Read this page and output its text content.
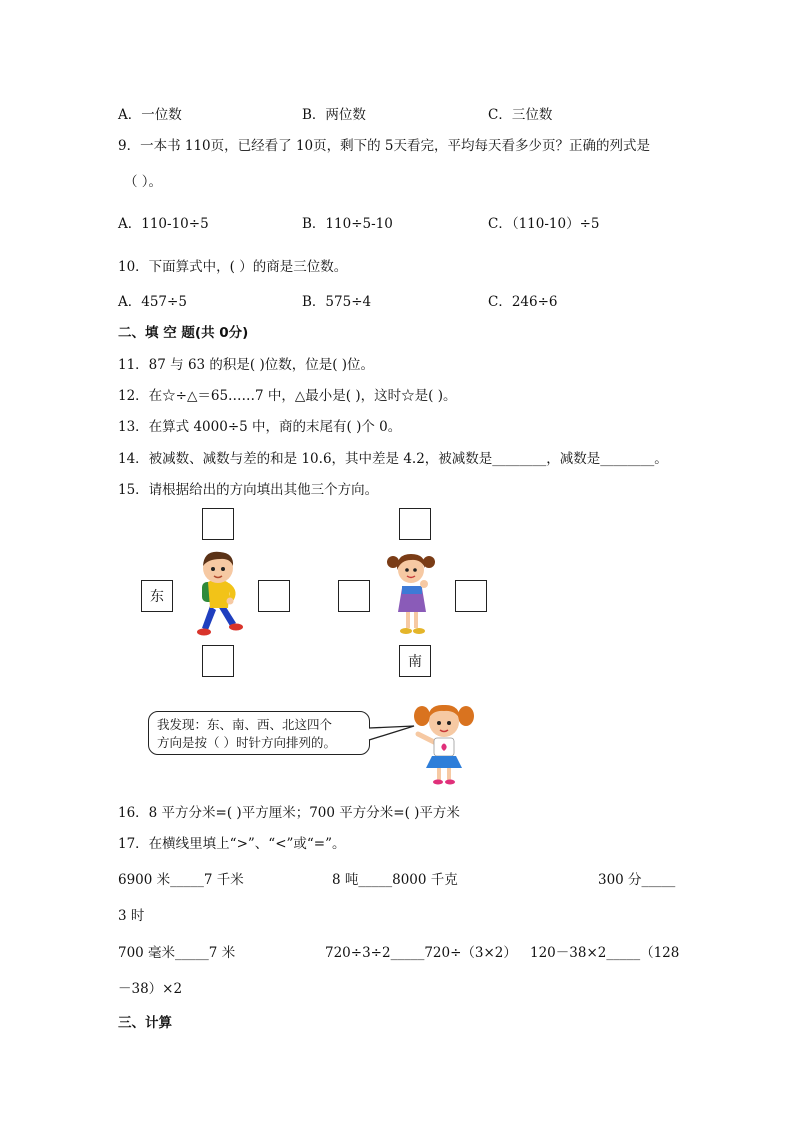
A．一位数	B．两位数	C．三位数
9．一本书 110页，已经看了 10页，剩下的 5天看完，平均每天看多少页？正确的列式是
（ ）。
A．110-10÷5	B．110÷5-10	C．（110-10）÷5
10．下面算式中，( ）的商是三位数。
A．457÷5	B．575÷4	C．246÷6
二、填 空 题(共 0分)
11．87 与 63 的积是( )位数，位是( )位。
12．在☆÷△＝65……7 中，△最小是( )，这时☆是( )。
13．在算式 4000÷5 中，商的末尾有( )个 0。
14．被减数、减数与差的和是 10.6，其中差是 4.2，被减数是________，减数是________。
15．请根据给出的方向填出其他三个方向。
东
南
我发现：东、南、西、北这四个
方向是按（ ）时针方向排列的。
16．8 平方分米=( )平方厘米；700 平方分米=( )平方米
17．在横线里填上“>”、“<”或“=”。
6900 米_____7 千米	8 吨_____8000 千克	300 分_____
3 时
700 毫米_____7 米	720÷3÷2_____720÷（3×2） 120－38×2_____（128
－38）×2
三、计算
